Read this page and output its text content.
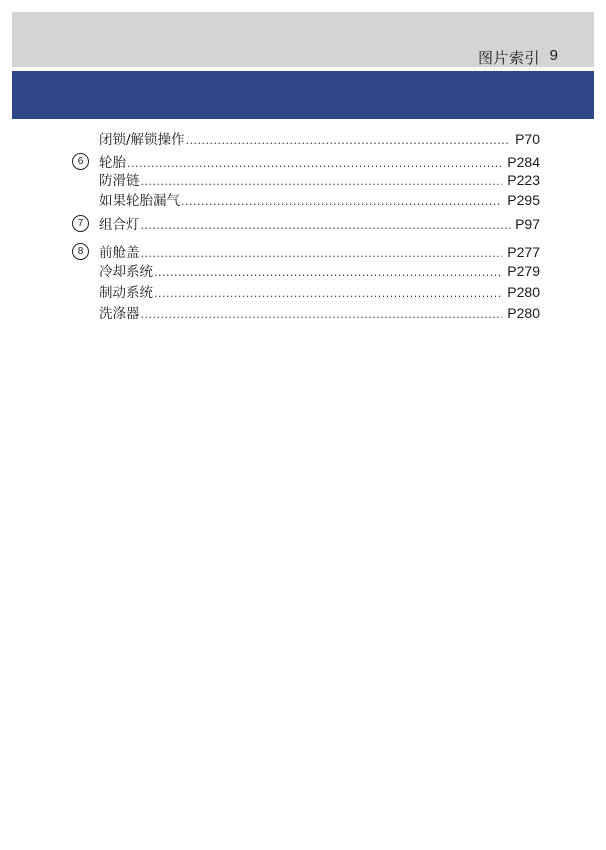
图片索引 9
闭锁/解锁操作 .....	P70
6	轮胎 .....	P284
防滑链 .....	P223
如果轮胎漏气 .....	P295
7	组合灯 .....	P97
8	前舱盖 .....	P277
冷却系统 .....	P279
制动系统 .....	P280
洗涤器 .....	P280
